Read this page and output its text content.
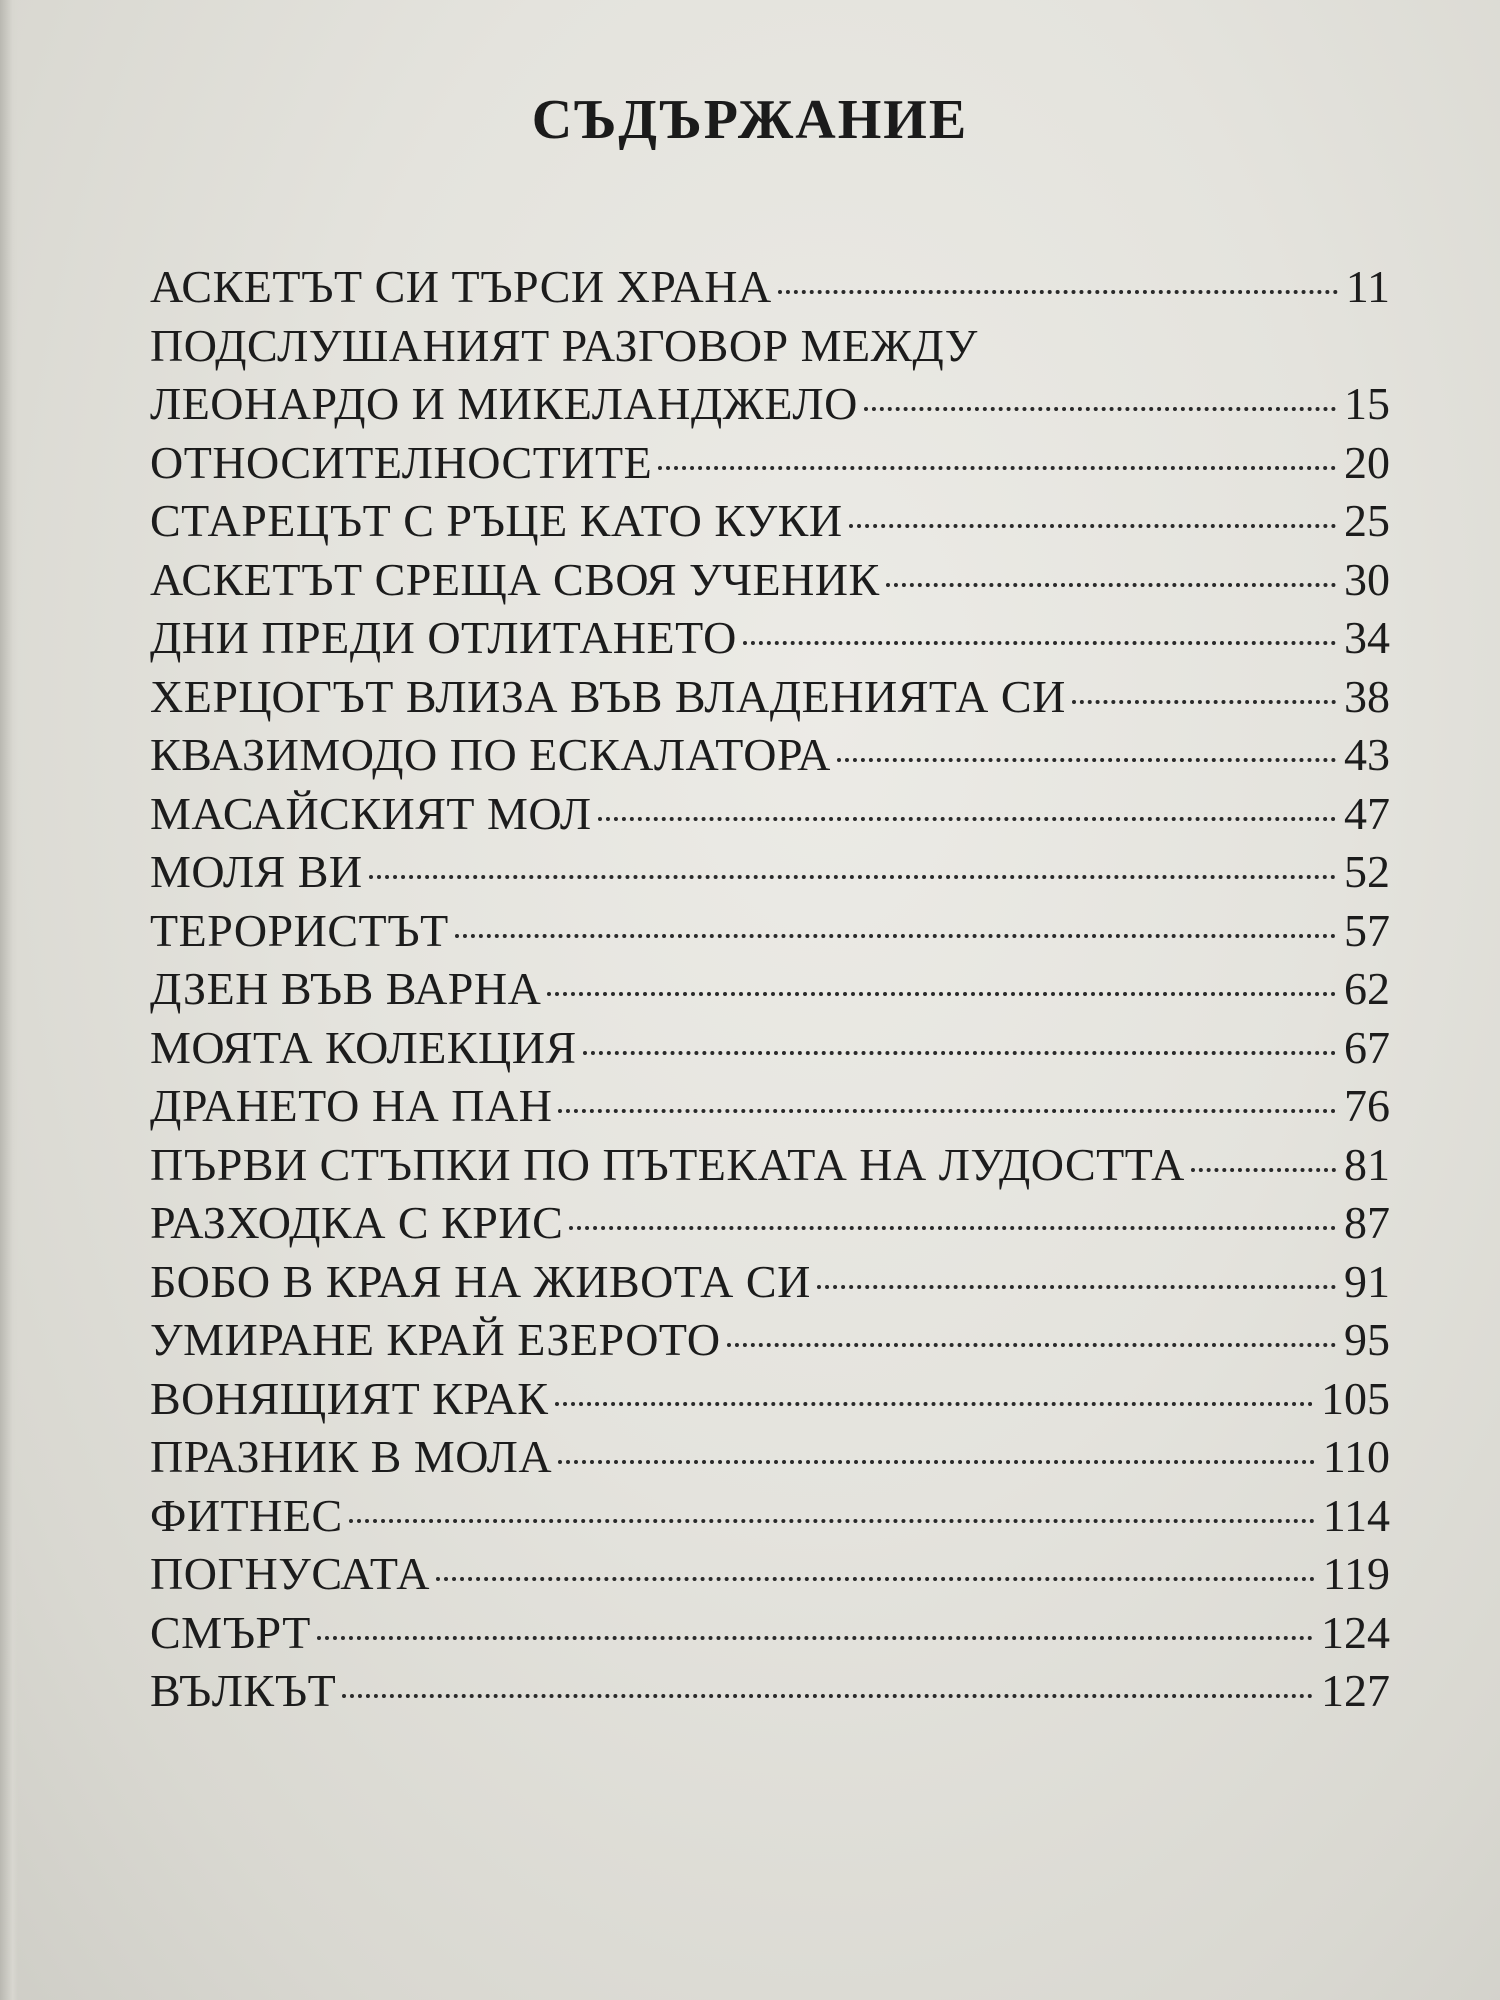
СЪДЪРЖАНИЕ
АСКЕТЪТ СИ ТЪРСИ ХРАНА	11
ПОДСЛУШАНИЯТ РАЗГОВОР МЕЖДУ
ЛЕОНАРДО И МИКЕЛАНДЖЕЛО	15
ОТНОСИТЕЛНОСТИТЕ	20
СТАРЕЦЪТ С РЪЦЕ КАТО КУКИ	25
АСКЕТЪТ СРЕЩА СВОЯ УЧЕНИК	30
ДНИ ПРЕДИ ОТЛИТАНЕТО	34
ХЕРЦОГЪТ ВЛИЗА ВЪВ ВЛАДЕНИЯТА СИ	38
КВАЗИМОДО ПО ЕСКАЛАТОРА	43
МАСАЙСКИЯТ МОЛ	47
МОЛЯ ВИ	52
ТЕРОРИСТЪТ	57
ДЗЕН ВЪВ ВАРНА	62
МОЯТА КОЛЕКЦИЯ	67
ДРАНЕТО НА ПАН	76
ПЪРВИ СТЪПКИ ПО ПЪТЕКАТА НА ЛУДОСТТА	81
РАЗХОДКА С КРИС	87
БОБО В КРАЯ НА ЖИВОТА СИ	91
УМИРАНЕ КРАЙ ЕЗЕРОТО	95
ВОНЯЩИЯТ КРАК	105
ПРАЗНИК В МОЛА	110
ФИТНЕС	114
ПОГНУСАТА	119
СМЪРТ	124
ВЪЛКЪТ	127
